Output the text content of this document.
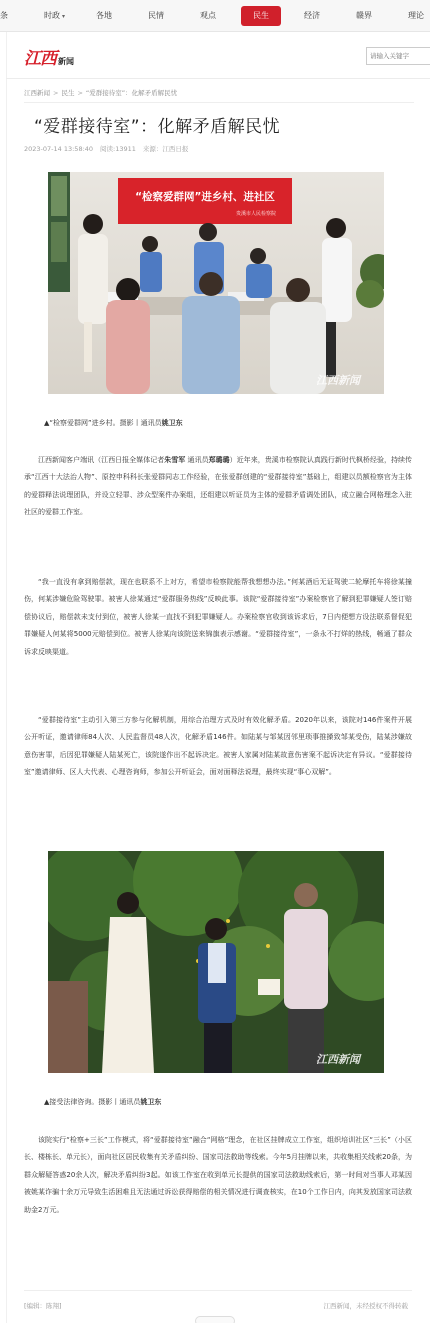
条	时政 ▾	各地	民情	观点	民生	经济	赣界	理论
江西 新闻
请输入关键字
江西新闻 > 民生 > “爱群接待室”：化解矛盾解民忧
“爱群接待室”：化解矛盾解民忧
2023-07-14 13:58:40 阅读:13911 来源：江西日报
“检察爱群网”进乡村、进社区
贵溪市人民检察院
江西新闻
▲“检察爱群网”进乡村。摄影丨通讯员姚卫东

江西新闻客户端讯（江西日报全媒体记者朱雪军 通讯员郑璐璐）近年来，贵溪市检察院认真践行新时代枫桥经验，持续传承“江西十大法治人物”、原控申科科长张爱群同志工作经验，在张爱群创建的“爱群接待室”基础上，组建以员额检察官为主体的爱群释法说理团队，并设立轻罪、涉众型案件办案组，还组建以听证员为主体的爱群矛盾调处团队，成立融合网格理念入驻社区的爱群工作室。

“我一直没有拿到赔偿款，现在也联系不上对方，希望市检察院能帮我想想办法。”何某酒后无证驾驶二轮摩托车将徐某撞伤，何某涉嫌危险驾驶罪。被害人徐某通过“爱群服务热线”反映此事。该院“爱群接待室”办案检察官了解到犯罪嫌疑人签订赔偿协议后，赔偿款未支付到位，被害人徐某一直找不到犯罪嫌疑人。办案检察官收到该诉求后，7日内便想方设法联系督促犯罪嫌疑人何某将5000元赔偿到位。被害人徐某向该院送来锦旗表示感谢。“爱群接待室”，一条永不打烊的热线，畅通了群众诉求反映渠道。

“爱群接待室”主动引入第三方参与化解机制，用综合治理方式及时有效化解矛盾。2020年以来，该院对146件案件开展公开听证，邀请律师84人次、人民监督员48人次，化解矛盾146件。如陆某与邹某因邻里琐事推搡致邹某受伤，陆某涉嫌故意伤害罪，后因犯罪嫌疑人陆某死亡，该院遂作出不起诉决定。被害人家属对陆某故意伤害案不起诉决定有异议。“爱群接待室”邀请律师、区人大代表、心理咨询师，参加公开听证会，面对面释法说理，最终实现“事心双解”。

江西新闻
▲接受法律咨询。摄影丨通讯员姚卫东

该院实行“检察+三长”工作模式，将“爱群接待室”融合“网格”理念，在社区挂牌成立工作室，组织培训社区“三长”（小区长、楼栋长、单元长），面向社区居民收集有关矛盾纠纷、国家司法救助等线索。今年5月挂牌以来，共收集相关线索20条，为群众解疑答惑20余人次，解决矛盾纠纷3起。如该工作室在收到单元长提供的国家司法救助线索后，第一时间对当事人邓某因被姚某诈骗十余万元导致生活困难且无法通过诉讼获得赔偿的相关情况进行调查核实，在10个工作日内，向其发放国家司法救助金2万元。

[编辑：陈翔]	江西新闻，未经授权不得转载
